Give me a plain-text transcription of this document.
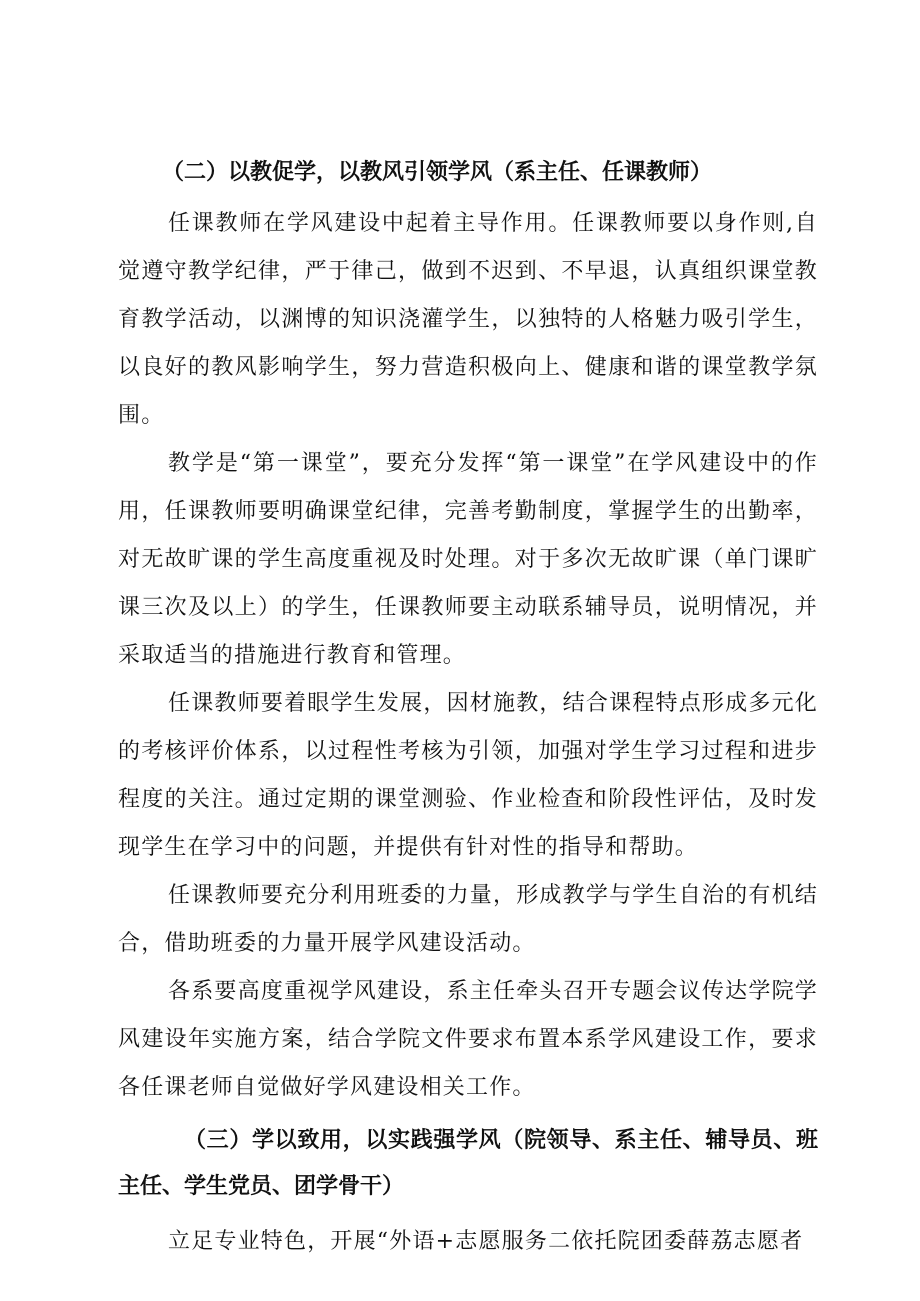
（二）以教促学，以教风引领学风（系主任、任课教师）

任课教师在学风建设中起着主导作用。任课教师要以身作则,自觉遵守教学纪律，严于律己，做到不迟到、不早退，认真组织课堂教育教学活动，以渊博的知识浇灌学生，以独特的人格魅力吸引学生，以良好的教风影响学生，努力营造积极向上、健康和谐的课堂教学氛围。

教学是“第一课堂”，要充分发挥“第一课堂”在学风建设中的作用，任课教师要明确课堂纪律，完善考勤制度，掌握学生的出勤率，对无故旷课的学生高度重视及时处理。对于多次无故旷课（单门课旷课三次及以上）的学生，任课教师要主动联系辅导员，说明情况，并采取适当的措施进行教育和管理。

任课教师要着眼学生发展，因材施教，结合课程特点形成多元化的考核评价体系，以过程性考核为引领，加强对学生学习过程和进步程度的关注。通过定期的课堂测验、作业检查和阶段性评估，及时发现学生在学习中的问题，并提供有针对性的指导和帮助。

任课教师要充分利用班委的力量，形成教学与学生自治的有机结合，借助班委的力量开展学风建设活动。

各系要高度重视学风建设，系主任牵头召开专题会议传达学院学风建设年实施方案，结合学院文件要求布置本系学风建设工作，要求各任课老师自觉做好学风建设相关工作。

（三）学以致用，以实践强学风（院领导、系主任、辅导员、班主任、学生党员、团学骨干）

立足专业特色，开展“外语+志愿服务二依托院团委薛荔志愿者
